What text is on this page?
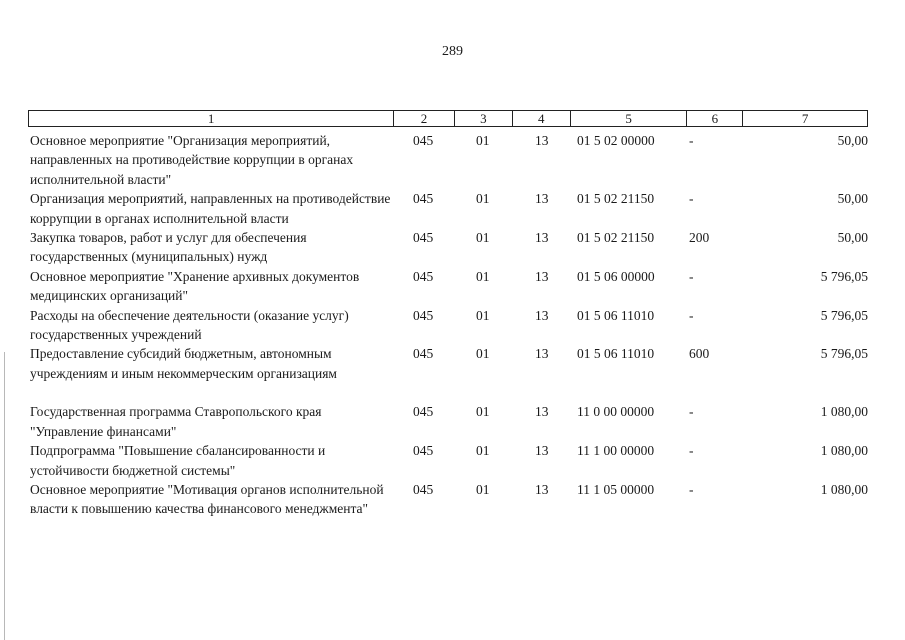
289
1	2	3	4	5	6	7
Основное мероприятие "Организация мероприятий, направленных на противодействие коррупции в органах исполнительной власти"
045	01	13 01 5 02 00000	-	50,00
Организация мероприятий, направленных на противодействие коррупции в органах исполнительной власти
045	01	13 01 5 02 21150	-	50,00
Закупка товаров, работ и услуг для обеспечения государственных (муниципальных) нужд
045	01	13 01 5 02 21150	200	50,00
Основное мероприятие "Хранение архивных документов медицинских организаций"
045	01	13 01 5 06 00000	-	5 796,05
Расходы на обеспечение деятельности (оказание услуг) государственных учреждений
045	01	13 01 5 06 11010	-	5 796,05
Предоставление субсидий бюджетным, автономным учреждениям и иным некоммерческим организациям
045	01	13 01 5 06 11010	600	5 796,05
Государственная программа Ставропольского края "Управление финансами"
045	01	13 11 0 00 00000	-	1 080,00
Подпрограмма "Повышение сбалансированности и устойчивости бюджетной системы"
045	01	13 11 1 00 00000	-	1 080,00
Основное мероприятие "Мотивация органов исполнительной власти к повышению качества финансового менеджмента"
045	01	13 11 1 05 00000	-	1 080,00
